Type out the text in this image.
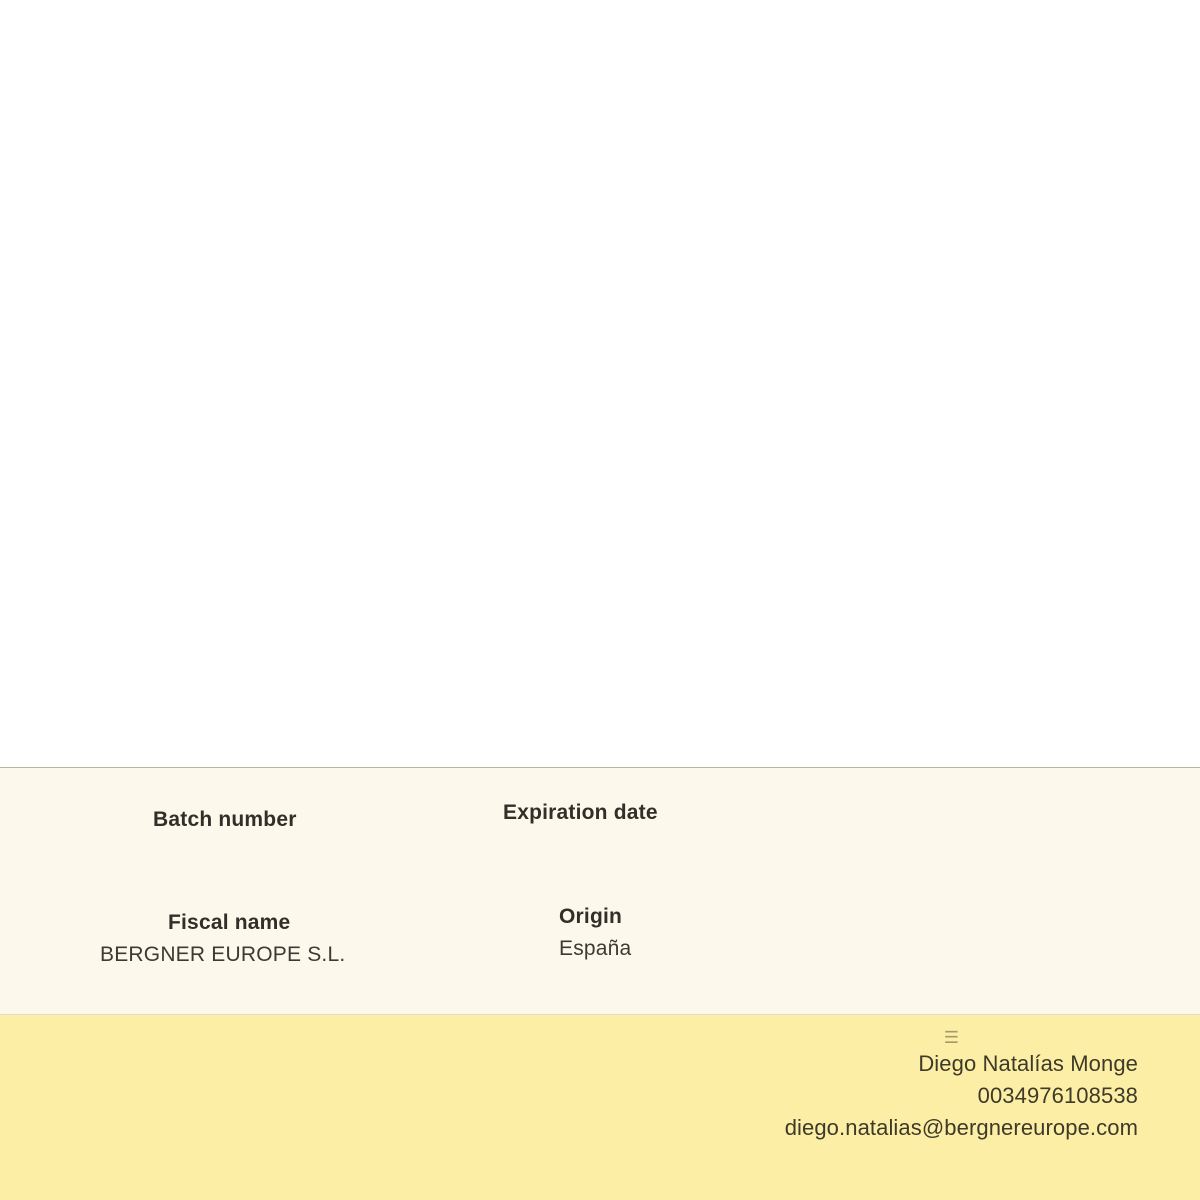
Batch number	Expiration date
Fiscal name
BERGNER EUROPE S.L.
Origin
España
☰
Diego Natalías Monge
0034976108538
diego.natalias@bergnereurope.com
